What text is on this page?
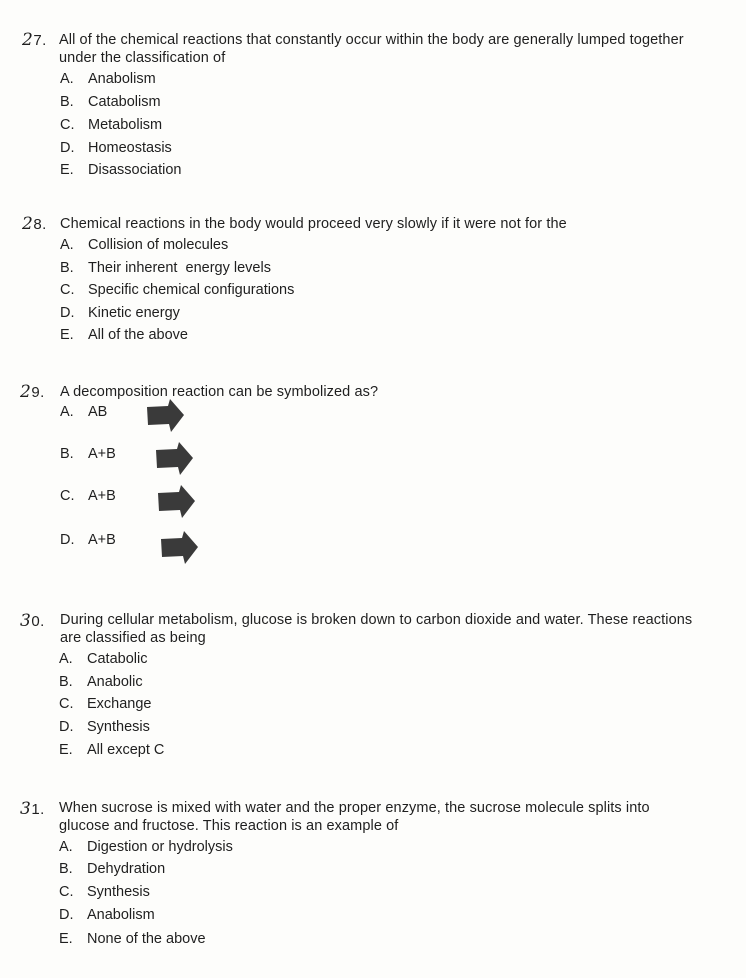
27. All of the chemical reactions that constantly occur within the body are generally lumped together
under the classification of
A. Anabolism
B. Catabolism
C. Metabolism
D. Homeostasis
E. Disassociation
28. Chemical reactions in the body would proceed very slowly if it were not for the
A. Collision of molecules
B. Their inherent  energy levels
C. Specific chemical configurations
D. Kinetic energy
E. All of the above
29. A decomposition reaction can be symbolized as?
A. AB
B. A+B
C. A+B
D. A+B
30. During cellular metabolism, glucose is broken down to carbon dioxide and water. These reactions
are classified as being
A. Catabolic
B. Anabolic
C. Exchange
D. Synthesis
E. All except C
31. When sucrose is mixed with water and the proper enzyme, the sucrose molecule splits into
glucose and fructose. This reaction is an example of
A. Digestion or hydrolysis
B. Dehydration
C. Synthesis
D. Anabolism
E. None of the above
